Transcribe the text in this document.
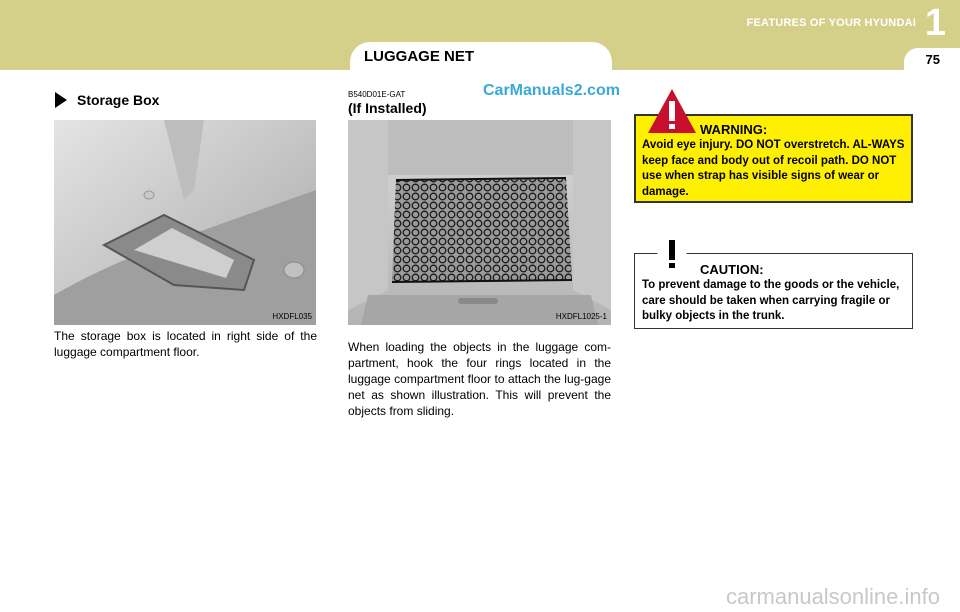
LUGGAGE NET
FEATURES OF YOUR HYUNDAI 1
75
CarManuals2.com
Storage Box
HXDFL035
The storage box is located in right side of the luggage compartment floor.
B540D01E-GAT
(If Installed)
HXDFL1025-1
When loading the objects in the luggage com-partment, hook the four rings located in the luggage compartment floor to attach the lug-gage net as shown illustration. This will prevent the objects from sliding.
WARNING:
Avoid eye injury. DO NOT overstretch. AL-WAYS keep face and body out of recoil path. DO NOT use when strap has visible signs of wear or damage.
CAUTION:
To prevent damage to the goods or the vehicle, care should be taken when carrying fragile or bulky objects in the trunk.
carmanualsonline.info
